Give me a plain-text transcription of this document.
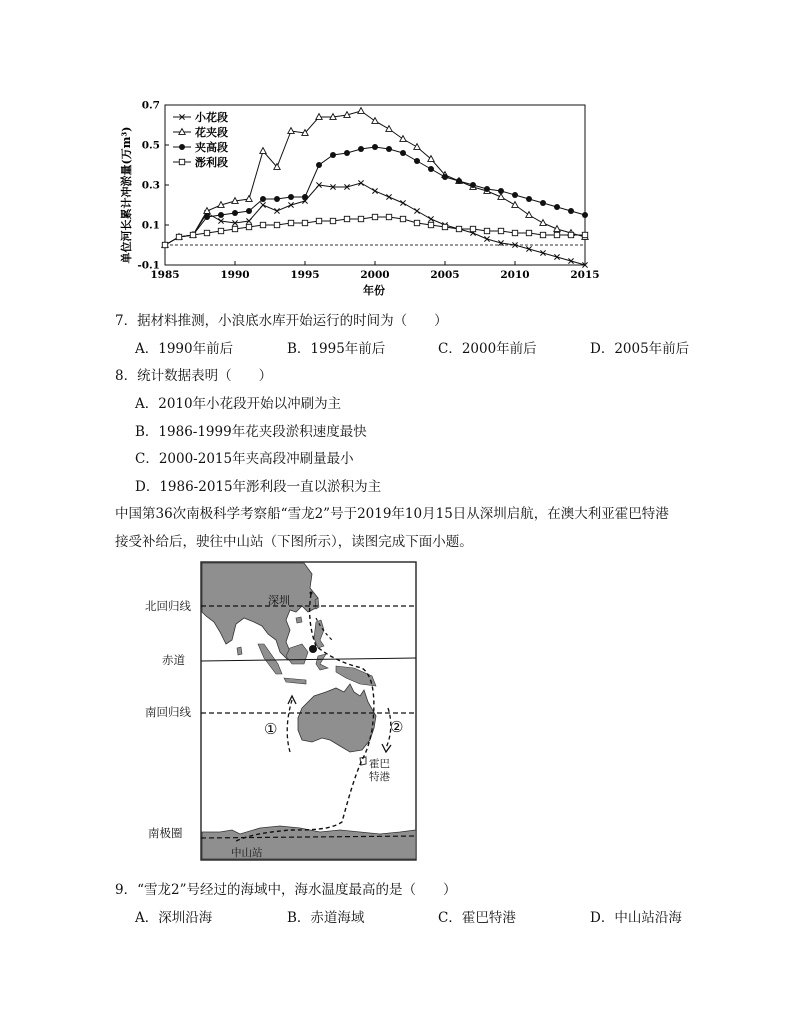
1985	1990	1995	2000	2005	2010	2015
0.7
0.5
0.3
0.1
-0.1
小花段
花夹段
夹高段
浵利段
单位河长累计冲淤量(万m³)
年份
7．据材料推测，小浪底水库开始运行的时间为（　　）
A．1990年前后	B．1995年前后	C．2000年前后	D．2005年前后
8．统计数据表明（　　）
A．2010年小花段开始以冲刷为主
B．1986-1999年花夹段淤积速度最快
C．2000-2015年夹高段冲刷量最小
D．1986-2015年浵利段一直以淤积为主
中国第36次南极科学考察船“雪龙2”号于2019年10月15日从深圳启航，在澳大利亚霍巴特港
接受补给后，驶往中山站（下图所示），读图完成下面小题。
北回归线
赤道
南回归线
南极圈
深圳
霍巴
特港
中山站
①	②
9．“雪龙2”号经过的海域中，海水温度最高的是（　　）
A．深圳沿海	B．赤道海域	C．霍巴特港	D．中山站沿海
